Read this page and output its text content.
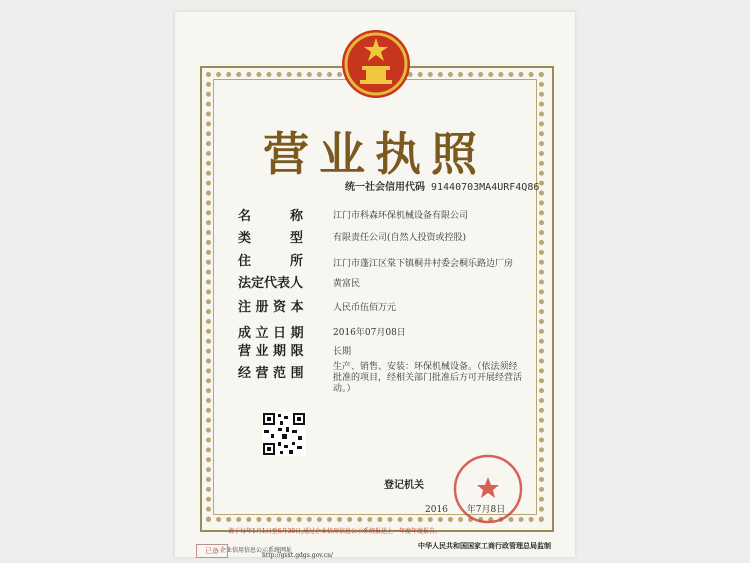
营业执照
统一社会信用代码 91440703MA4URF4Q86
名　　　称	江门市科森环保机械设备有限公司
类　　　型	有限责任公司(自然人投资或控股)
住　　　所	江门市蓬江区棠下镇桐井村委会桐乐路边厂房
法定代表人	黄富民
注 册 资 本	人民币伍佰万元
成 立 日 期	2016年07月08日
营 业 期 限	长期
经 营 范 围	生产、销售、安装：环保机械设备。（依法须经批准的项目，经相关部门批准后方可开展经营活动。）
登记机关
2016 年7月8日
请于每年1月1日至6月30日,通过企业信用信息公示系统报送上一年度年度报告。
企业信用信息公示系统网址
http://gsxt.gdgs.gov.cn/
中华人民共和国国家工商行政管理总局监制
已备
